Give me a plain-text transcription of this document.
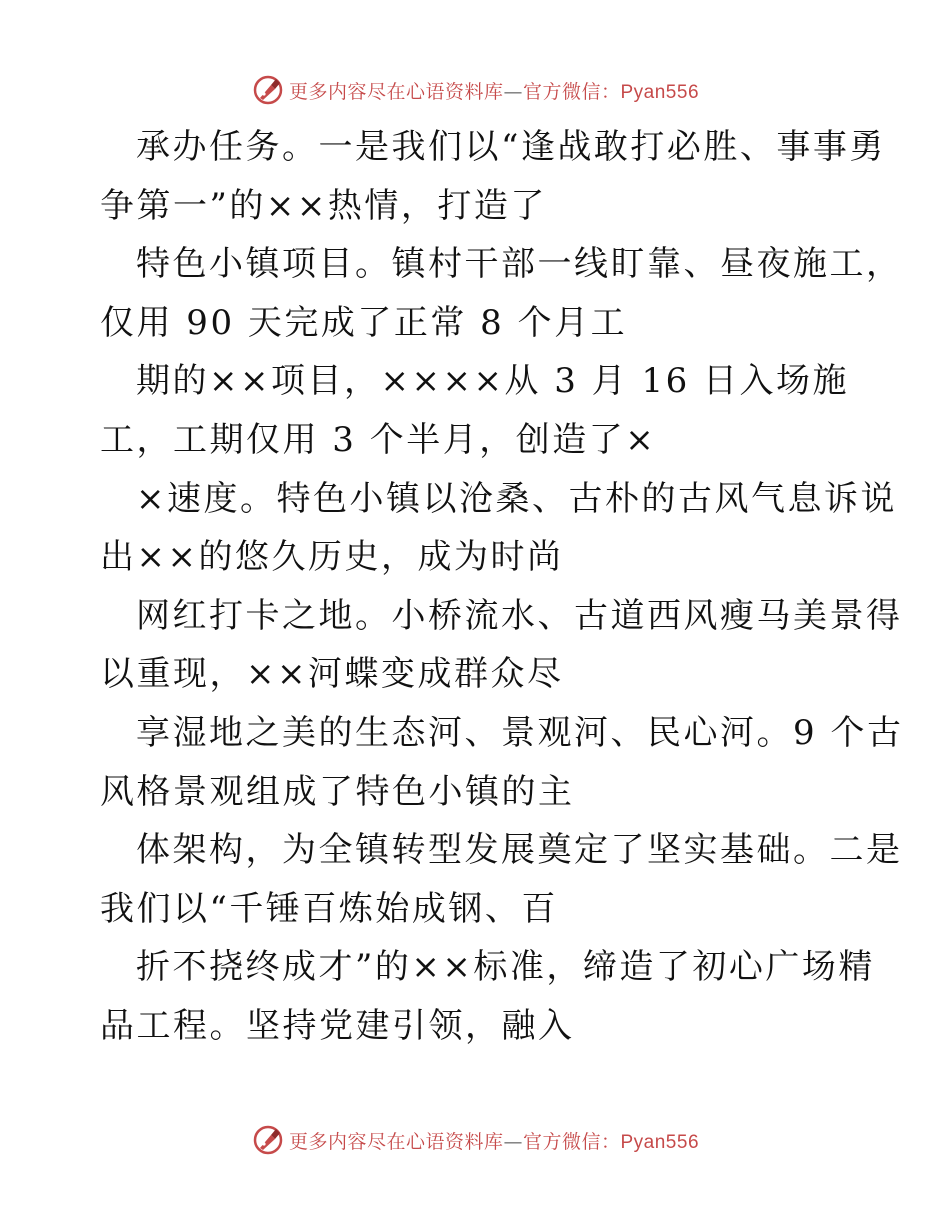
更多内容尽在心语资料库—官方微信：Pyan556
承办任务。一是我们以“逢战敢打必胜、事事勇
争第一”的××热情，打造了
特色小镇项目。镇村干部一线盯靠、昼夜施工，
仅用 90 天完成了正常 8 个月工
期的××项目，××××从 3 月 16 日入场施
工，工期仅用 3 个半月，创造了×
×速度。特色小镇以沧桑、古朴的古风气息诉说
出××的悠久历史，成为时尚
网红打卡之地。小桥流水、古道西风瘦马美景得
以重现，××河蝶变成群众尽
享湿地之美的生态河、景观河、民心河。9 个古
风格景观组成了特色小镇的主
体架构，为全镇转型发展奠定了坚实基础。二是
我们以“千锤百炼始成钢、百
折不挠终成才”的××标准，缔造了初心广场精
品工程。坚持党建引领，融入
更多内容尽在心语资料库—官方微信：Pyan556
